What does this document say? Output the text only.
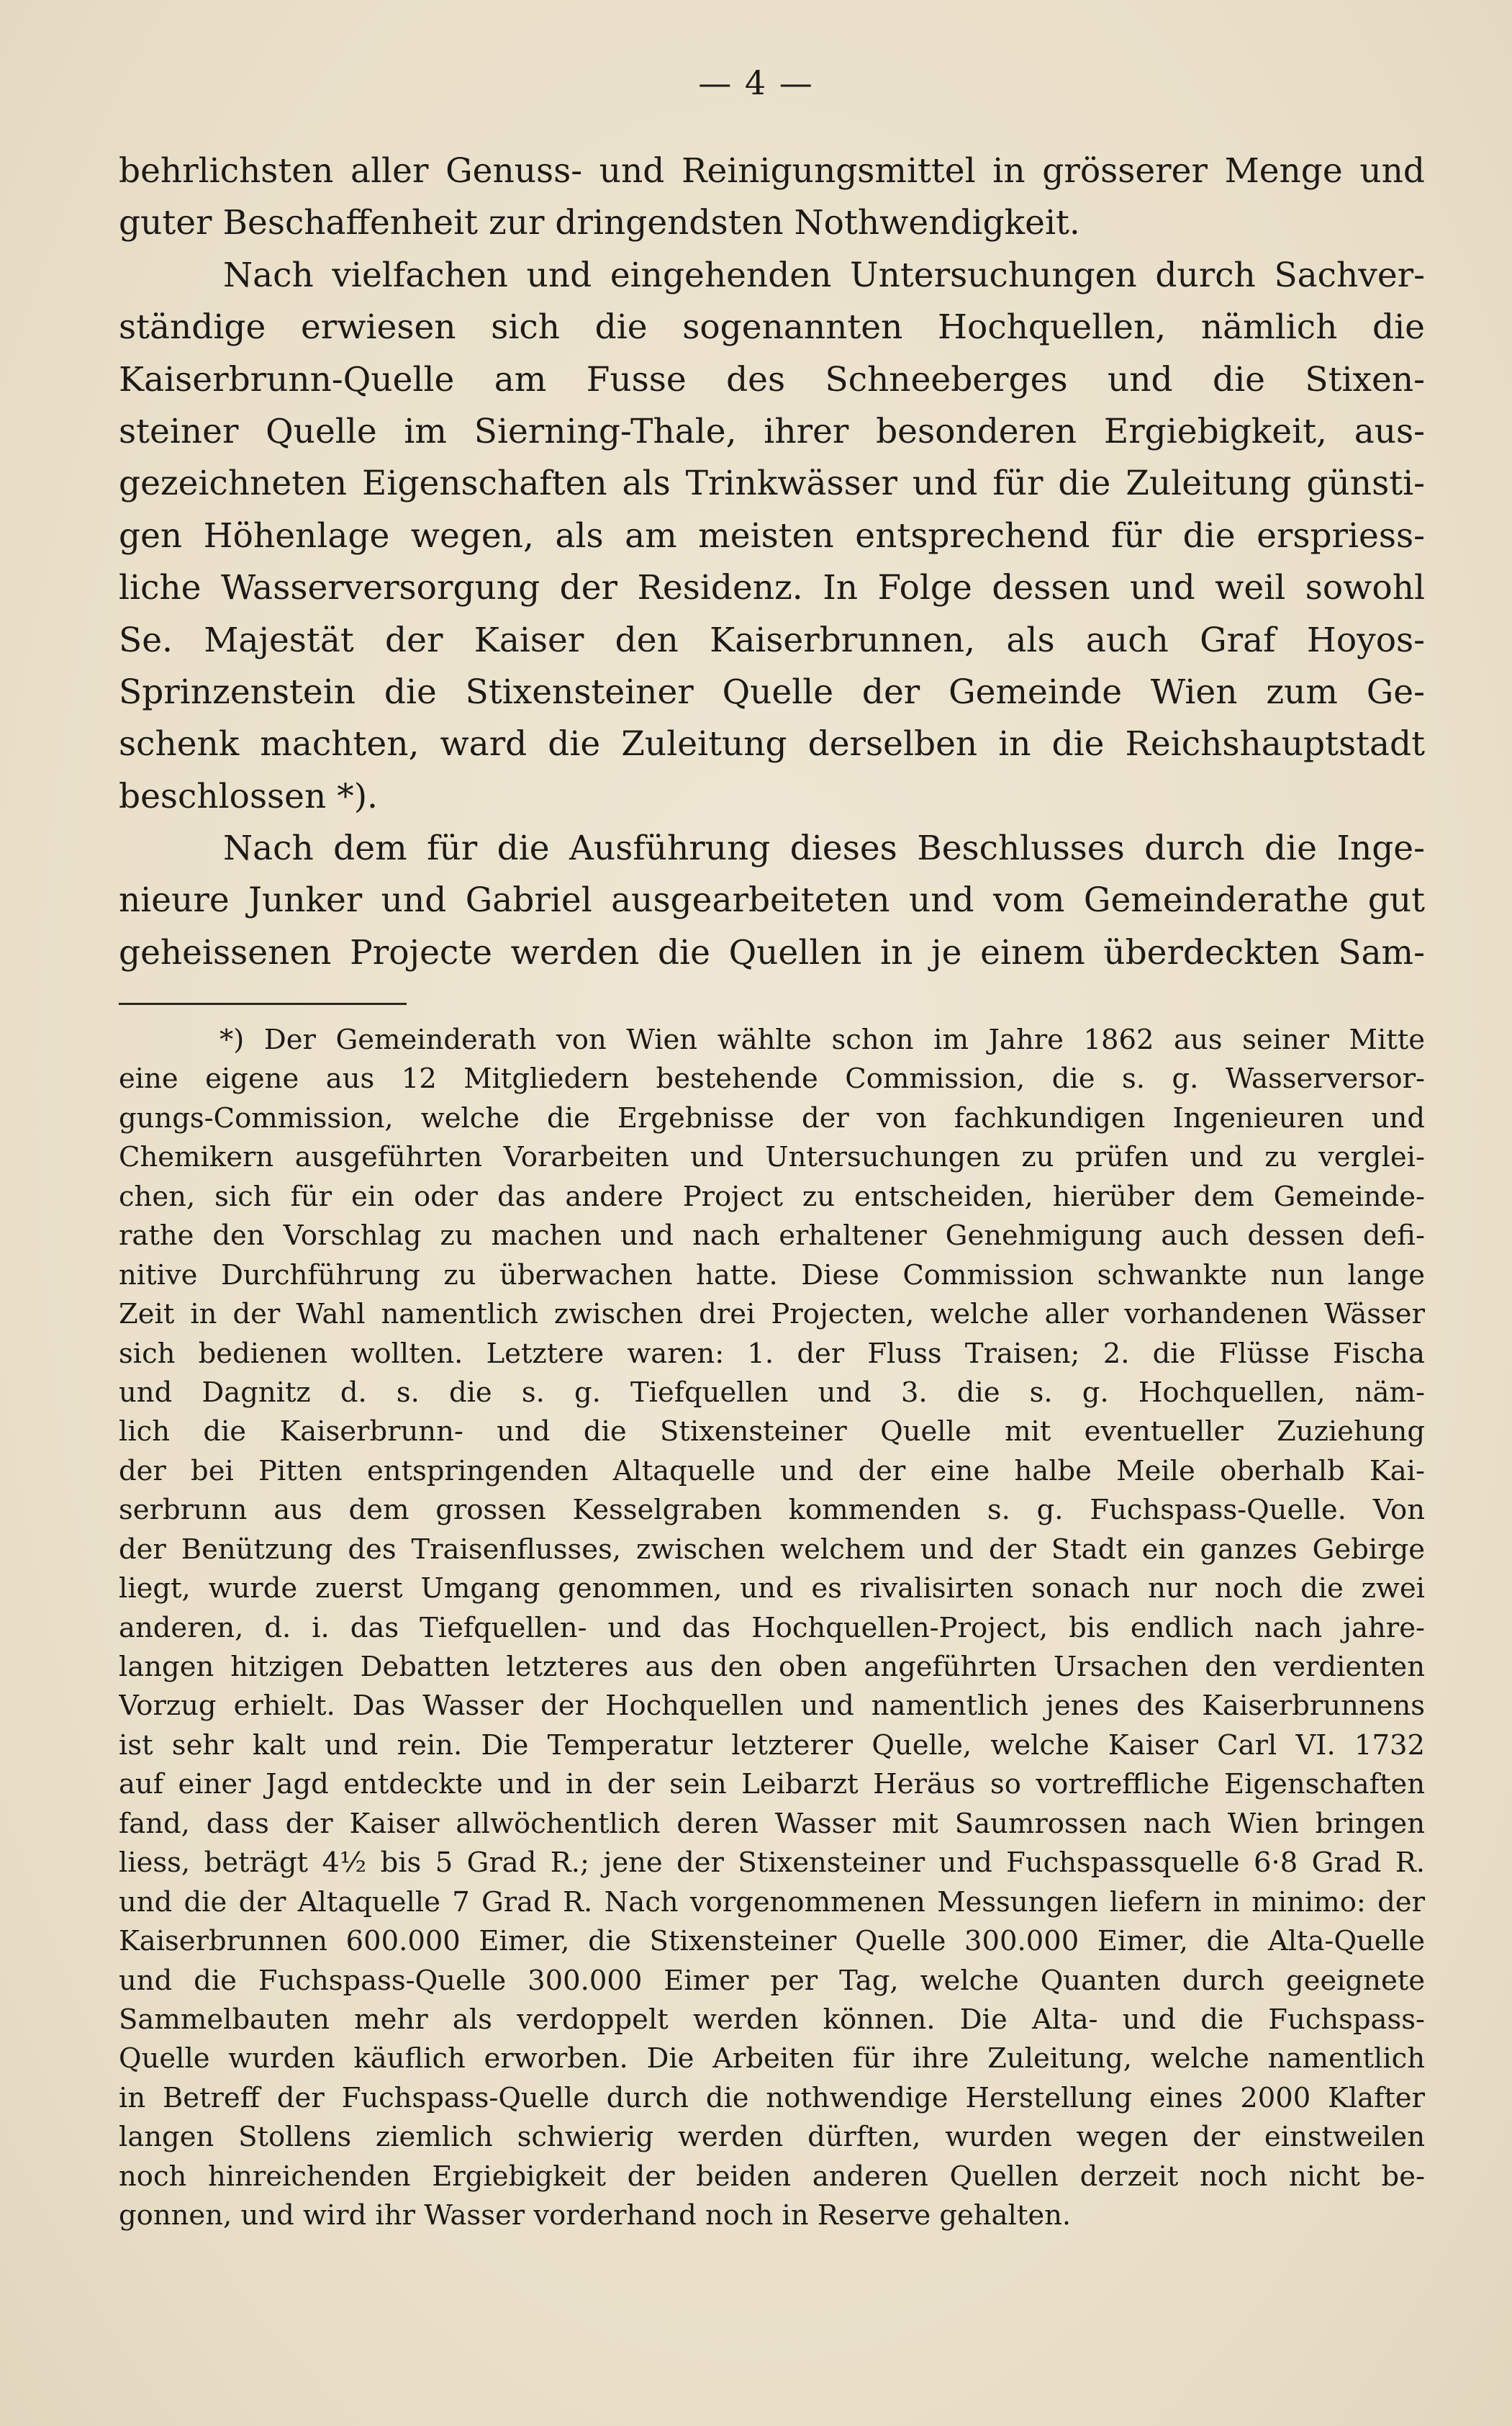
— 4 —
behrlichsten aller Genuss- und Reinigungsmittel in grösserer Menge und
guter Beschaffenheit zur dringendsten Nothwendigkeit.
Nach vielfachen und eingehenden Untersuchungen durch Sachver-
ständige erwiesen sich die sogenannten Hochquellen, nämlich die
Kaiserbrunn-Quelle am Fusse des Schneeberges und die Stixen-
steiner Quelle im Sierning-Thale, ihrer besonderen Ergiebigkeit, aus-
gezeichneten Eigenschaften als Trinkwässer und für die Zuleitung günsti-
gen Höhenlage wegen, als am meisten entsprechend für die erspriess-
liche Wasserversorgung der Residenz. In Folge dessen und weil sowohl
Se. Majestät der Kaiser den Kaiserbrunnen, als auch Graf Hoyos-
Sprinzenstein die Stixensteiner Quelle der Gemeinde Wien zum Ge-
schenk machten, ward die Zuleitung derselben in die Reichshauptstadt
beschlossen *).
Nach dem für die Ausführung dieses Beschlusses durch die Inge-
nieure Junker und Gabriel ausgearbeiteten und vom Gemeinderathe gut
geheissenen Projecte werden die Quellen in je einem überdeckten Sam-
*) Der Gemeinderath von Wien wählte schon im Jahre 1862 aus seiner Mitte
eine eigene aus 12 Mitgliedern bestehende Commission, die s. g. Wasserversor-
gungs-Commission, welche die Ergebnisse der von fachkundigen Ingenieuren und
Chemikern ausgeführten Vorarbeiten und Untersuchungen zu prüfen und zu verglei-
chen, sich für ein oder das andere Project zu entscheiden, hierüber dem Gemeinde-
rathe den Vorschlag zu machen und nach erhaltener Genehmigung auch dessen defi-
nitive Durchführung zu überwachen hatte. Diese Commission schwankte nun lange
Zeit in der Wahl namentlich zwischen drei Projecten, welche aller vorhandenen Wässer
sich bedienen wollten. Letztere waren: 1. der Fluss Traisen; 2. die Flüsse Fischa
und Dagnitz d. s. die s. g. Tiefquellen und 3. die s. g. Hochquellen, näm-
lich die Kaiserbrunn- und die Stixensteiner Quelle mit eventueller Zuziehung
der bei Pitten entspringenden Altaquelle und der eine halbe Meile oberhalb Kai-
serbrunn aus dem grossen Kesselgraben kommenden s. g. Fuchspass-Quelle. Von
der Benützung des Traisenflusses, zwischen welchem und der Stadt ein ganzes Gebirge
liegt, wurde zuerst Umgang genommen, und es rivalisirten sonach nur noch die zwei
anderen, d. i. das Tiefquellen- und das Hochquellen-Project, bis endlich nach jahre-
langen hitzigen Debatten letzteres aus den oben angeführten Ursachen den verdienten
Vorzug erhielt. Das Wasser der Hochquellen und namentlich jenes des Kaiserbrunnens
ist sehr kalt und rein. Die Temperatur letzterer Quelle, welche Kaiser Carl VI. 1732
auf einer Jagd entdeckte und in der sein Leibarzt Heräus so vortreffliche Eigenschaften
fand, dass der Kaiser allwöchentlich deren Wasser mit Saumrossen nach Wien bringen
liess, beträgt 4½ bis 5 Grad R.; jene der Stixensteiner und Fuchspassquelle 6·8 Grad R.
und die der Altaquelle 7 Grad R. Nach vorgenommenen Messungen liefern in minimo: der
Kaiserbrunnen 600.000 Eimer, die Stixensteiner Quelle 300.000 Eimer, die Alta-Quelle
und die Fuchspass-Quelle 300.000 Eimer per Tag, welche Quanten durch geeignete
Sammelbauten mehr als verdoppelt werden können. Die Alta- und die Fuchspass-
Quelle wurden käuflich erworben. Die Arbeiten für ihre Zuleitung, welche namentlich
in Betreff der Fuchspass-Quelle durch die nothwendige Herstellung eines 2000 Klafter
langen Stollens ziemlich schwierig werden dürften, wurden wegen der einstweilen
noch hinreichenden Ergiebigkeit der beiden anderen Quellen derzeit noch nicht be-
gonnen, und wird ihr Wasser vorderhand noch in Reserve gehalten.
